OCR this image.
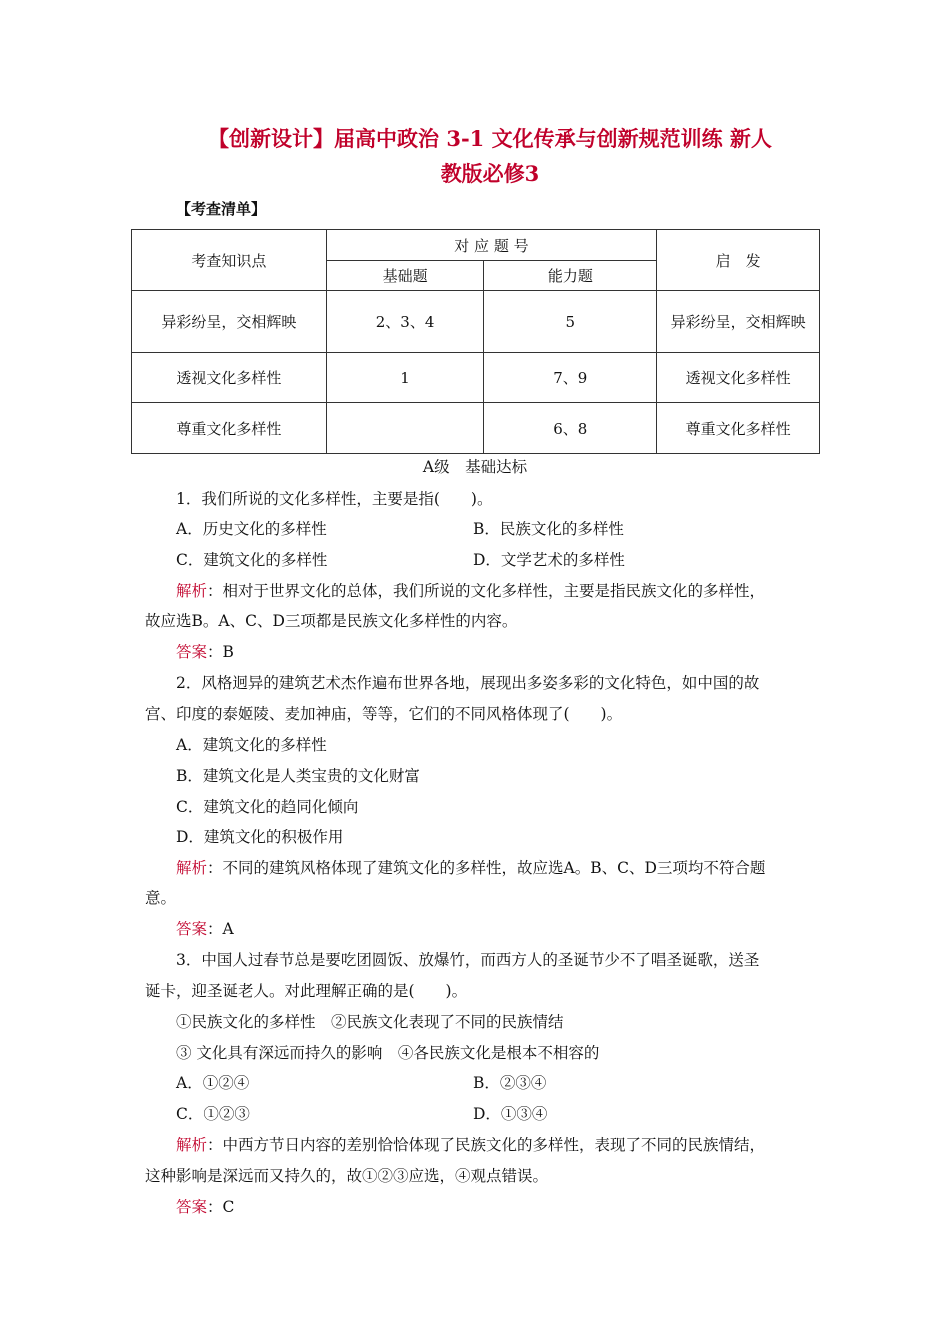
【创新设计】届高中政治 3-1 文化传承与创新规范训练 新人
教版必修3
【考查清单】
考查知识点	对 应 题 号		启　发
	基础题	能力题	
异彩纷呈，交相辉映	2、3、4	5	异彩纷呈，交相辉映
透视文化多样性	1	7、9	透视文化多样性
尊重文化多样性		6、8	尊重文化多样性
A级　基础达标
1．我们所说的文化多样性，主要是指(　　)。
A．历史文化的多样性	B．民族文化的多样性
C．建筑文化的多样性	D．文学艺术的多样性
解析：相对于世界文化的总体，我们所说的文化多样性，主要是指民族文化的多样性，
故应选B。A、C、D三项都是民族文化多样性的内容。
答案：B
2．风格迥异的建筑艺术杰作遍布世界各地，展现出多姿多彩的文化特色，如中国的故
宫、印度的泰姬陵、麦加神庙，等等，它们的不同风格体现了(　　)。
A．建筑文化的多样性
B．建筑文化是人类宝贵的文化财富
C．建筑文化的趋同化倾向
D．建筑文化的积极作用
解析：不同的建筑风格体现了建筑文化的多样性，故应选A。B、C、D三项均不符合题
意。
答案：A
3．中国人过春节总是要吃团圆饭、放爆竹，而西方人的圣诞节少不了唱圣诞歌，送圣
诞卡，迎圣诞老人。对此理解正确的是(　　)。
①民族文化的多样性　②民族文化表现了不同的民族情结
③ 文化具有深远而持久的影响　④各民族文化是根本不相容的
A．①②④	B．②③④
C．①②③	D．①③④
解析：中西方节日内容的差别恰恰体现了民族文化的多样性，表现了不同的民族情结，
这种影响是深远而又持久的，故①②③应选，④观点错误。
答案：C
